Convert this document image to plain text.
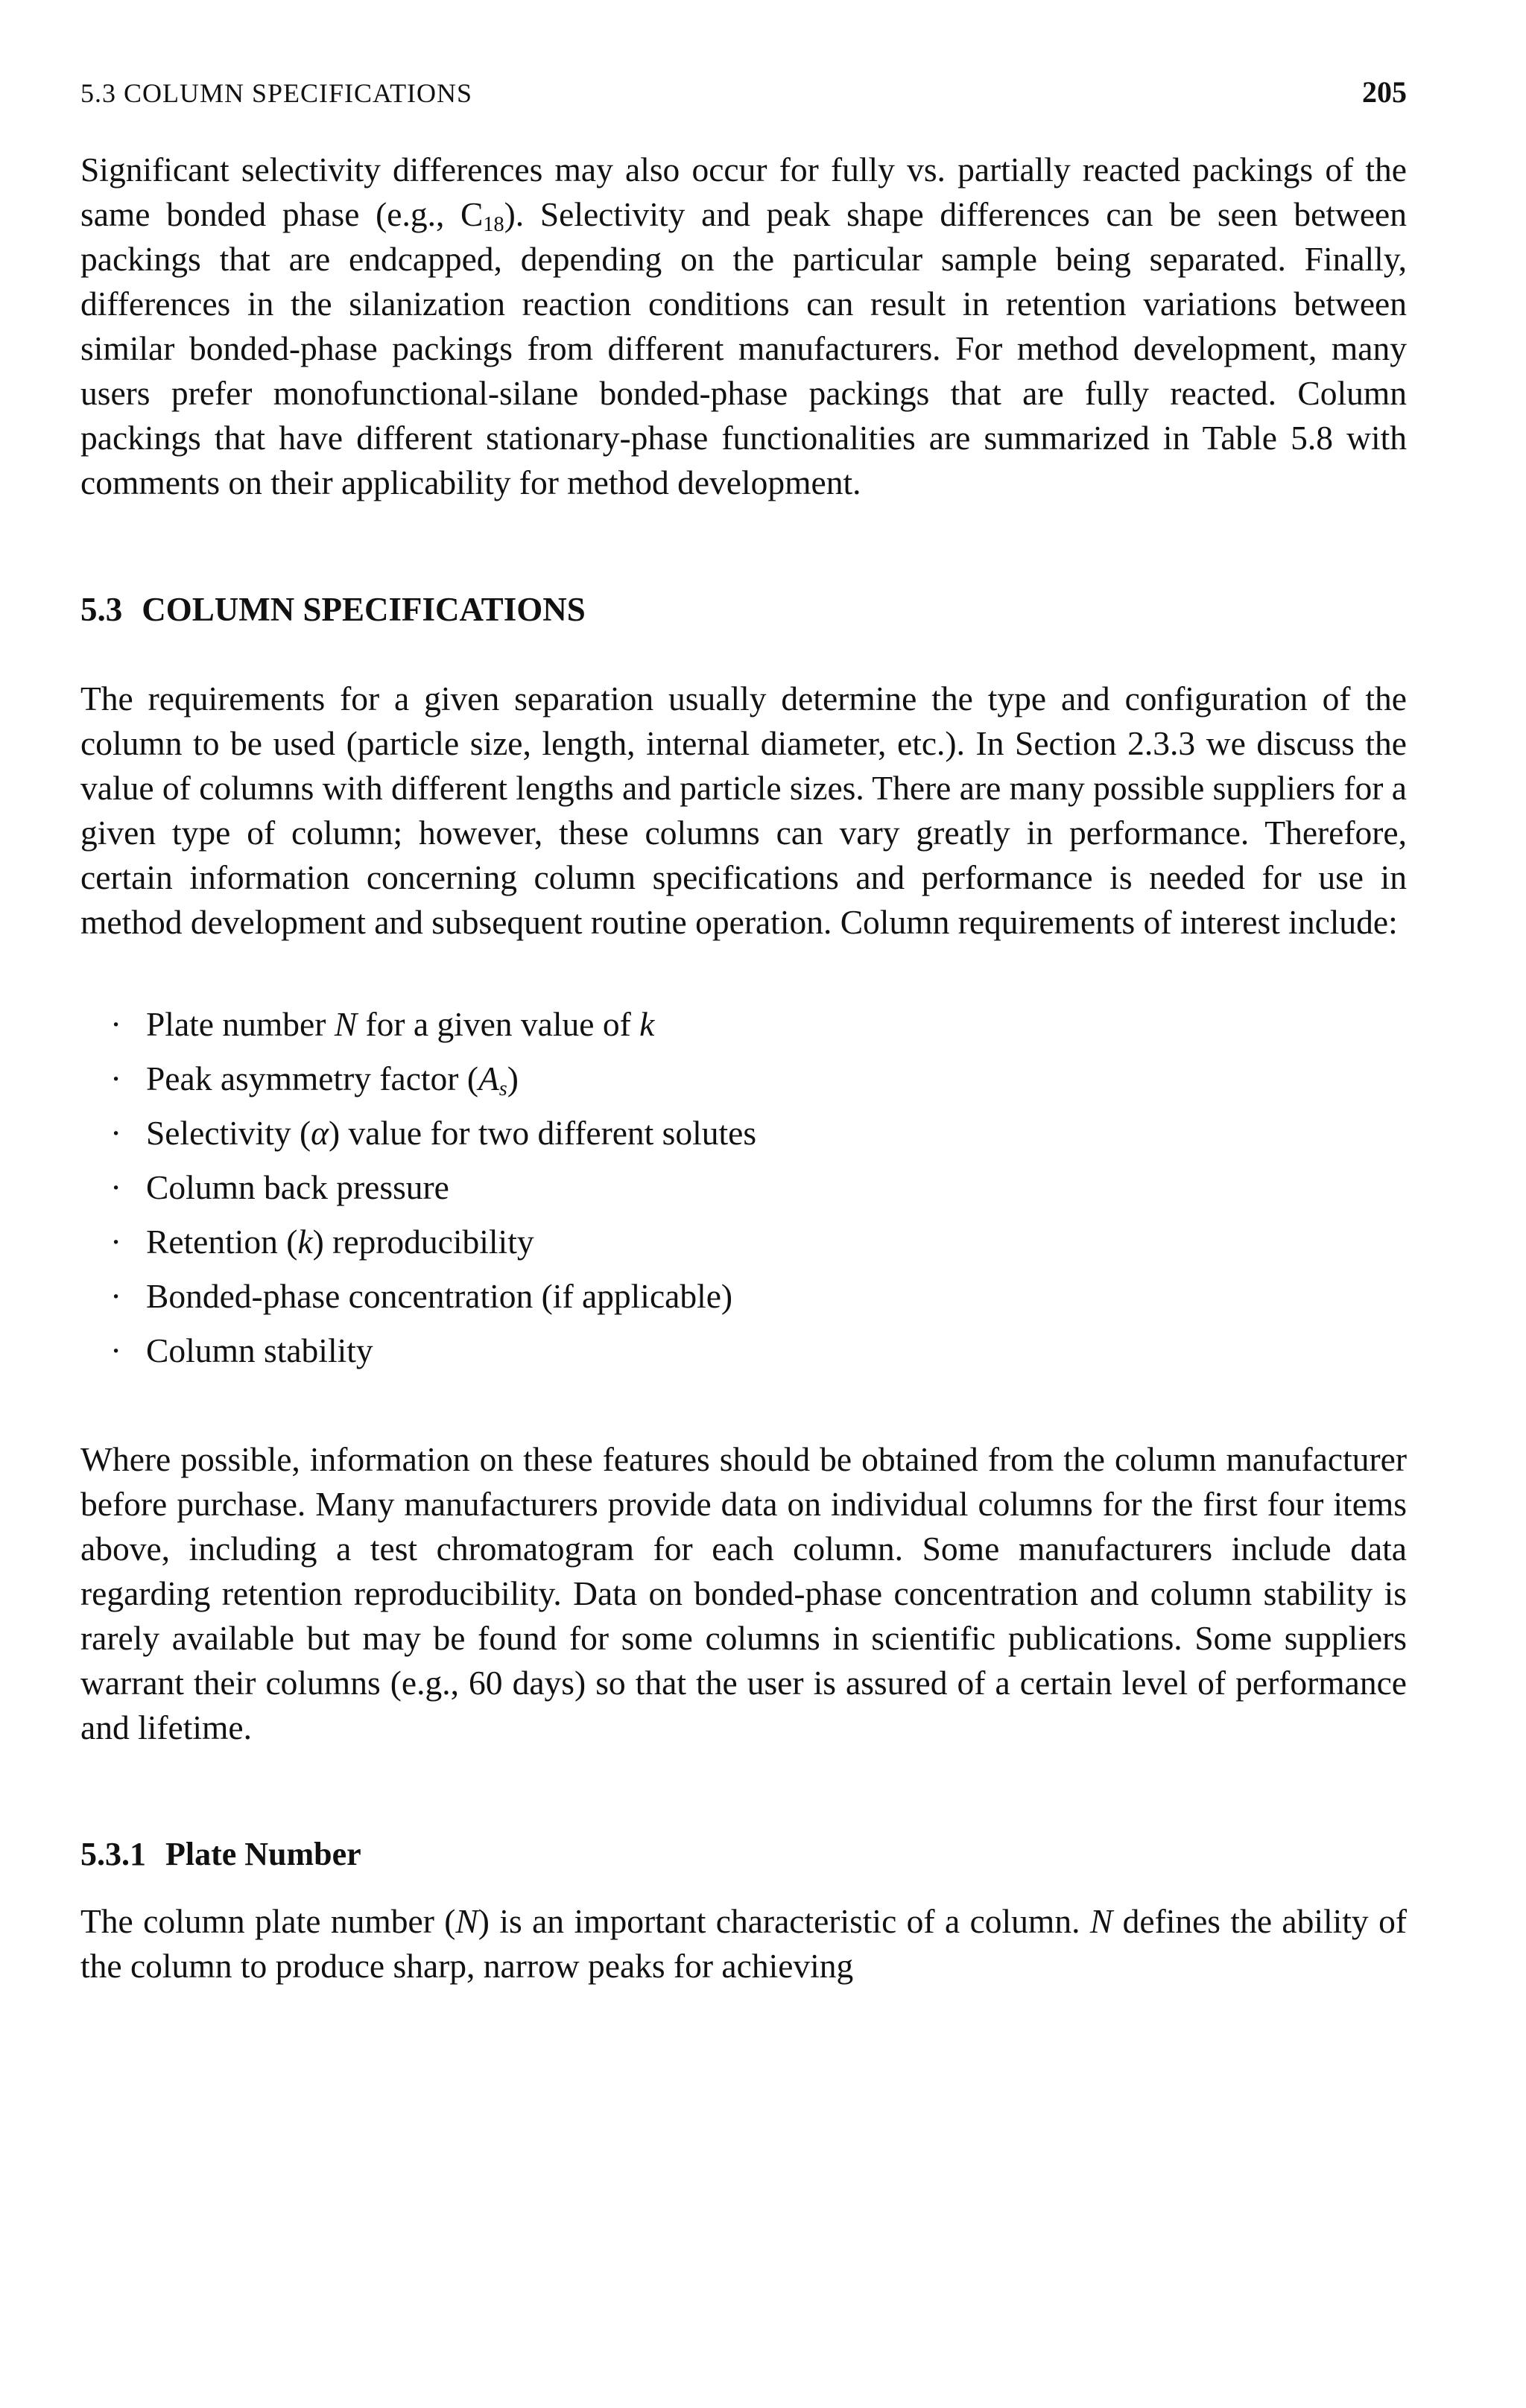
5.3 COLUMN SPECIFICATIONS	205

Significant selectivity differences may also occur for fully vs. partially reacted packings of the same bonded phase (e.g., $C_{18}$). Selectivity and peak shape differences can be seen between packings that are endcapped, depending on the particular sample being separated. Finally, differences in the silanization reaction conditions can result in retention variations between similar bonded-phase packings from different manufacturers. For method development, many users prefer monofunctional-silane bonded-phase packings that are fully reacted. Column packings that have different stationary-phase functionalities are summarized in Table 5.8 with comments on their applicability for method development.

5.3 COLUMN SPECIFICATIONS

The requirements for a given separation usually determine the type and configuration of the column to be used (particle size, length, internal diameter, etc.). In Section 2.3.3 we discuss the value of columns with different lengths and particle sizes. There are many possible suppliers for a given type of column; however, these columns can vary greatly in performance. Therefore, certain information concerning column specifications and performance is needed for use in method development and subsequent routine operation. Column requirements of interest include:

· Plate number N for a given value of k
· Peak asymmetry factor $(A_s)$
· Selectivity (α) value for two different solutes
· Column back pressure
· Retention (k) reproducibility
· Bonded-phase concentration (if applicable)
· Column stability

Where possible, information on these features should be obtained from the column manufacturer before purchase. Many manufacturers provide data on individual columns for the first four items above, including a test chromatogram for each column. Some manufacturers include data regarding retention reproducibility. Data on bonded-phase concentration and column stability is rarely available but may be found for some columns in scientific publications. Some suppliers warrant their columns (e.g., 60 days) so that the user is assured of a certain level of performance and lifetime.

5.3.1 Plate Number

The column plate number (N) is an important characteristic of a column. N defines the ability of the column to produce sharp, narrow peaks for achieving
